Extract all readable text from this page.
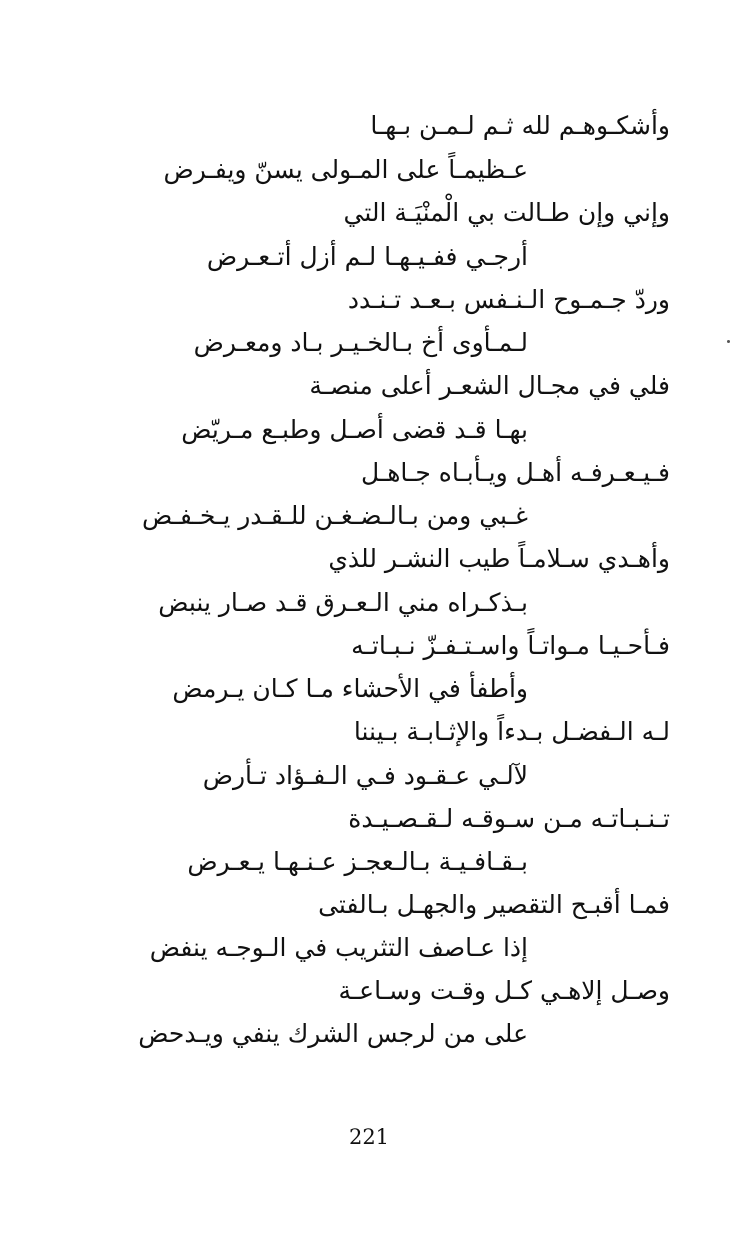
وأشكـوهـم لله ثـم لـمـن بـهـا
عـظيمـاً على المـولى يسنّ ويفـرض
وإني وإن طـالت بي الْمنْيَـة التي
أرجـي ففـيـهـا لـم أزل أتـعـرض
وردّ جـمـوح الـنـفس بـعـد تـنـدد
لـمـأوى أخ بـالخـيـر بـاد ومعـرض
فلي في مجـال الشعـر أعلى منصـة
بهـا قـد قضى أصـل وطبـع مـريّض
فـيـعـرفـه أهـل ويـأبـاه جـاهـل
غـبي ومن بـالـضـغـن للـقـدر يـخـفـض
وأهـدي سـلامـاً طيب النشـر للذي
بـذكـراه مني الـعـرق قـد صـار ينبض
فـأحـيـا مـواتـاً واسـتـفـزّ نـبـاتـه
وأطفأ في الأحشاء مـا كـان يـرمض
لـه الـفضـل بـدءاً والإثـابـة بـيننا
لآلـي عـقـود فـي الـفـؤاد تـأرض
تـنـبـاتـه مـن سـوقـه لـقـصـيـدة
بـقـافـيـة بـالـعجـز عـنـهـا يـعـرض
فمـا أقبـح التقصير والجهـل بـالفتى
إذا عـاصف التثريب في الـوجـه ينفض
وصـل إلاهـي كـل وقـت وسـاعـة
على من لرجس الشرك ينفي ويـدحض
221
